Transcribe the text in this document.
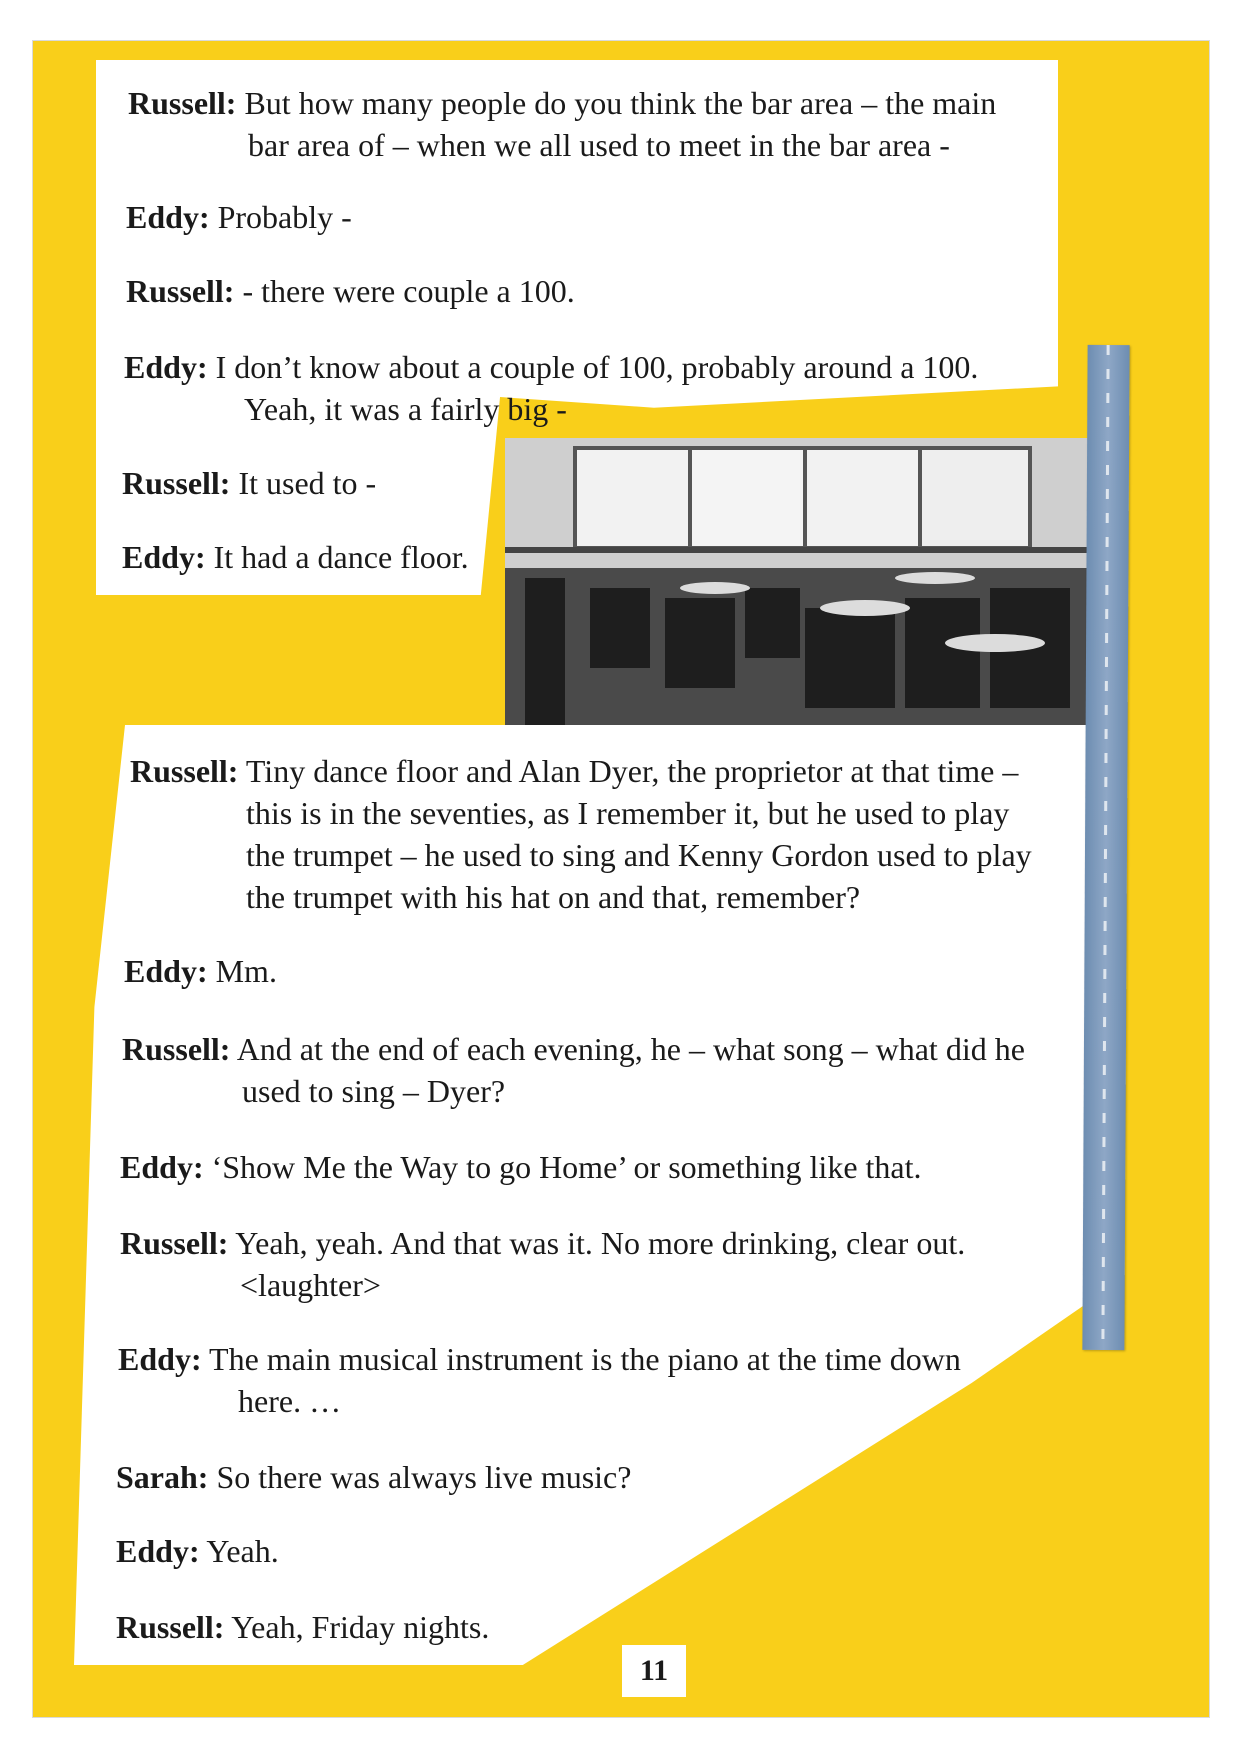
Russell: But how many people do you think the bar area – the main
bar area of – when we all used to meet in the bar area -
Eddy: Probably -
Russell: - there were couple a 100.
Eddy: I don’t know about a couple of 100, probably around a 100.
Yeah, it was a fairly big -
Russell: It used to -
Eddy: It had a dance floor.
Russell: Tiny dance floor and Alan Dyer, the proprietor at that time –
this is in the seventies, as I remember it, but he used to play
the trumpet – he used to sing and Kenny Gordon used to play
the trumpet with his hat on and that, remember?
Eddy: Mm.
Russell: And at the end of each evening, he – what song – what did he
used to sing – Dyer?
Eddy: ‘Show Me the Way to go Home’ or something like that.
Russell: Yeah, yeah. And that was it. No more drinking, clear out.
<laughter>
Eddy: The main musical instrument is the piano at the time down
here. …
Sarah: So there was always live music?
Eddy: Yeah.
Russell: Yeah, Friday nights.
11
